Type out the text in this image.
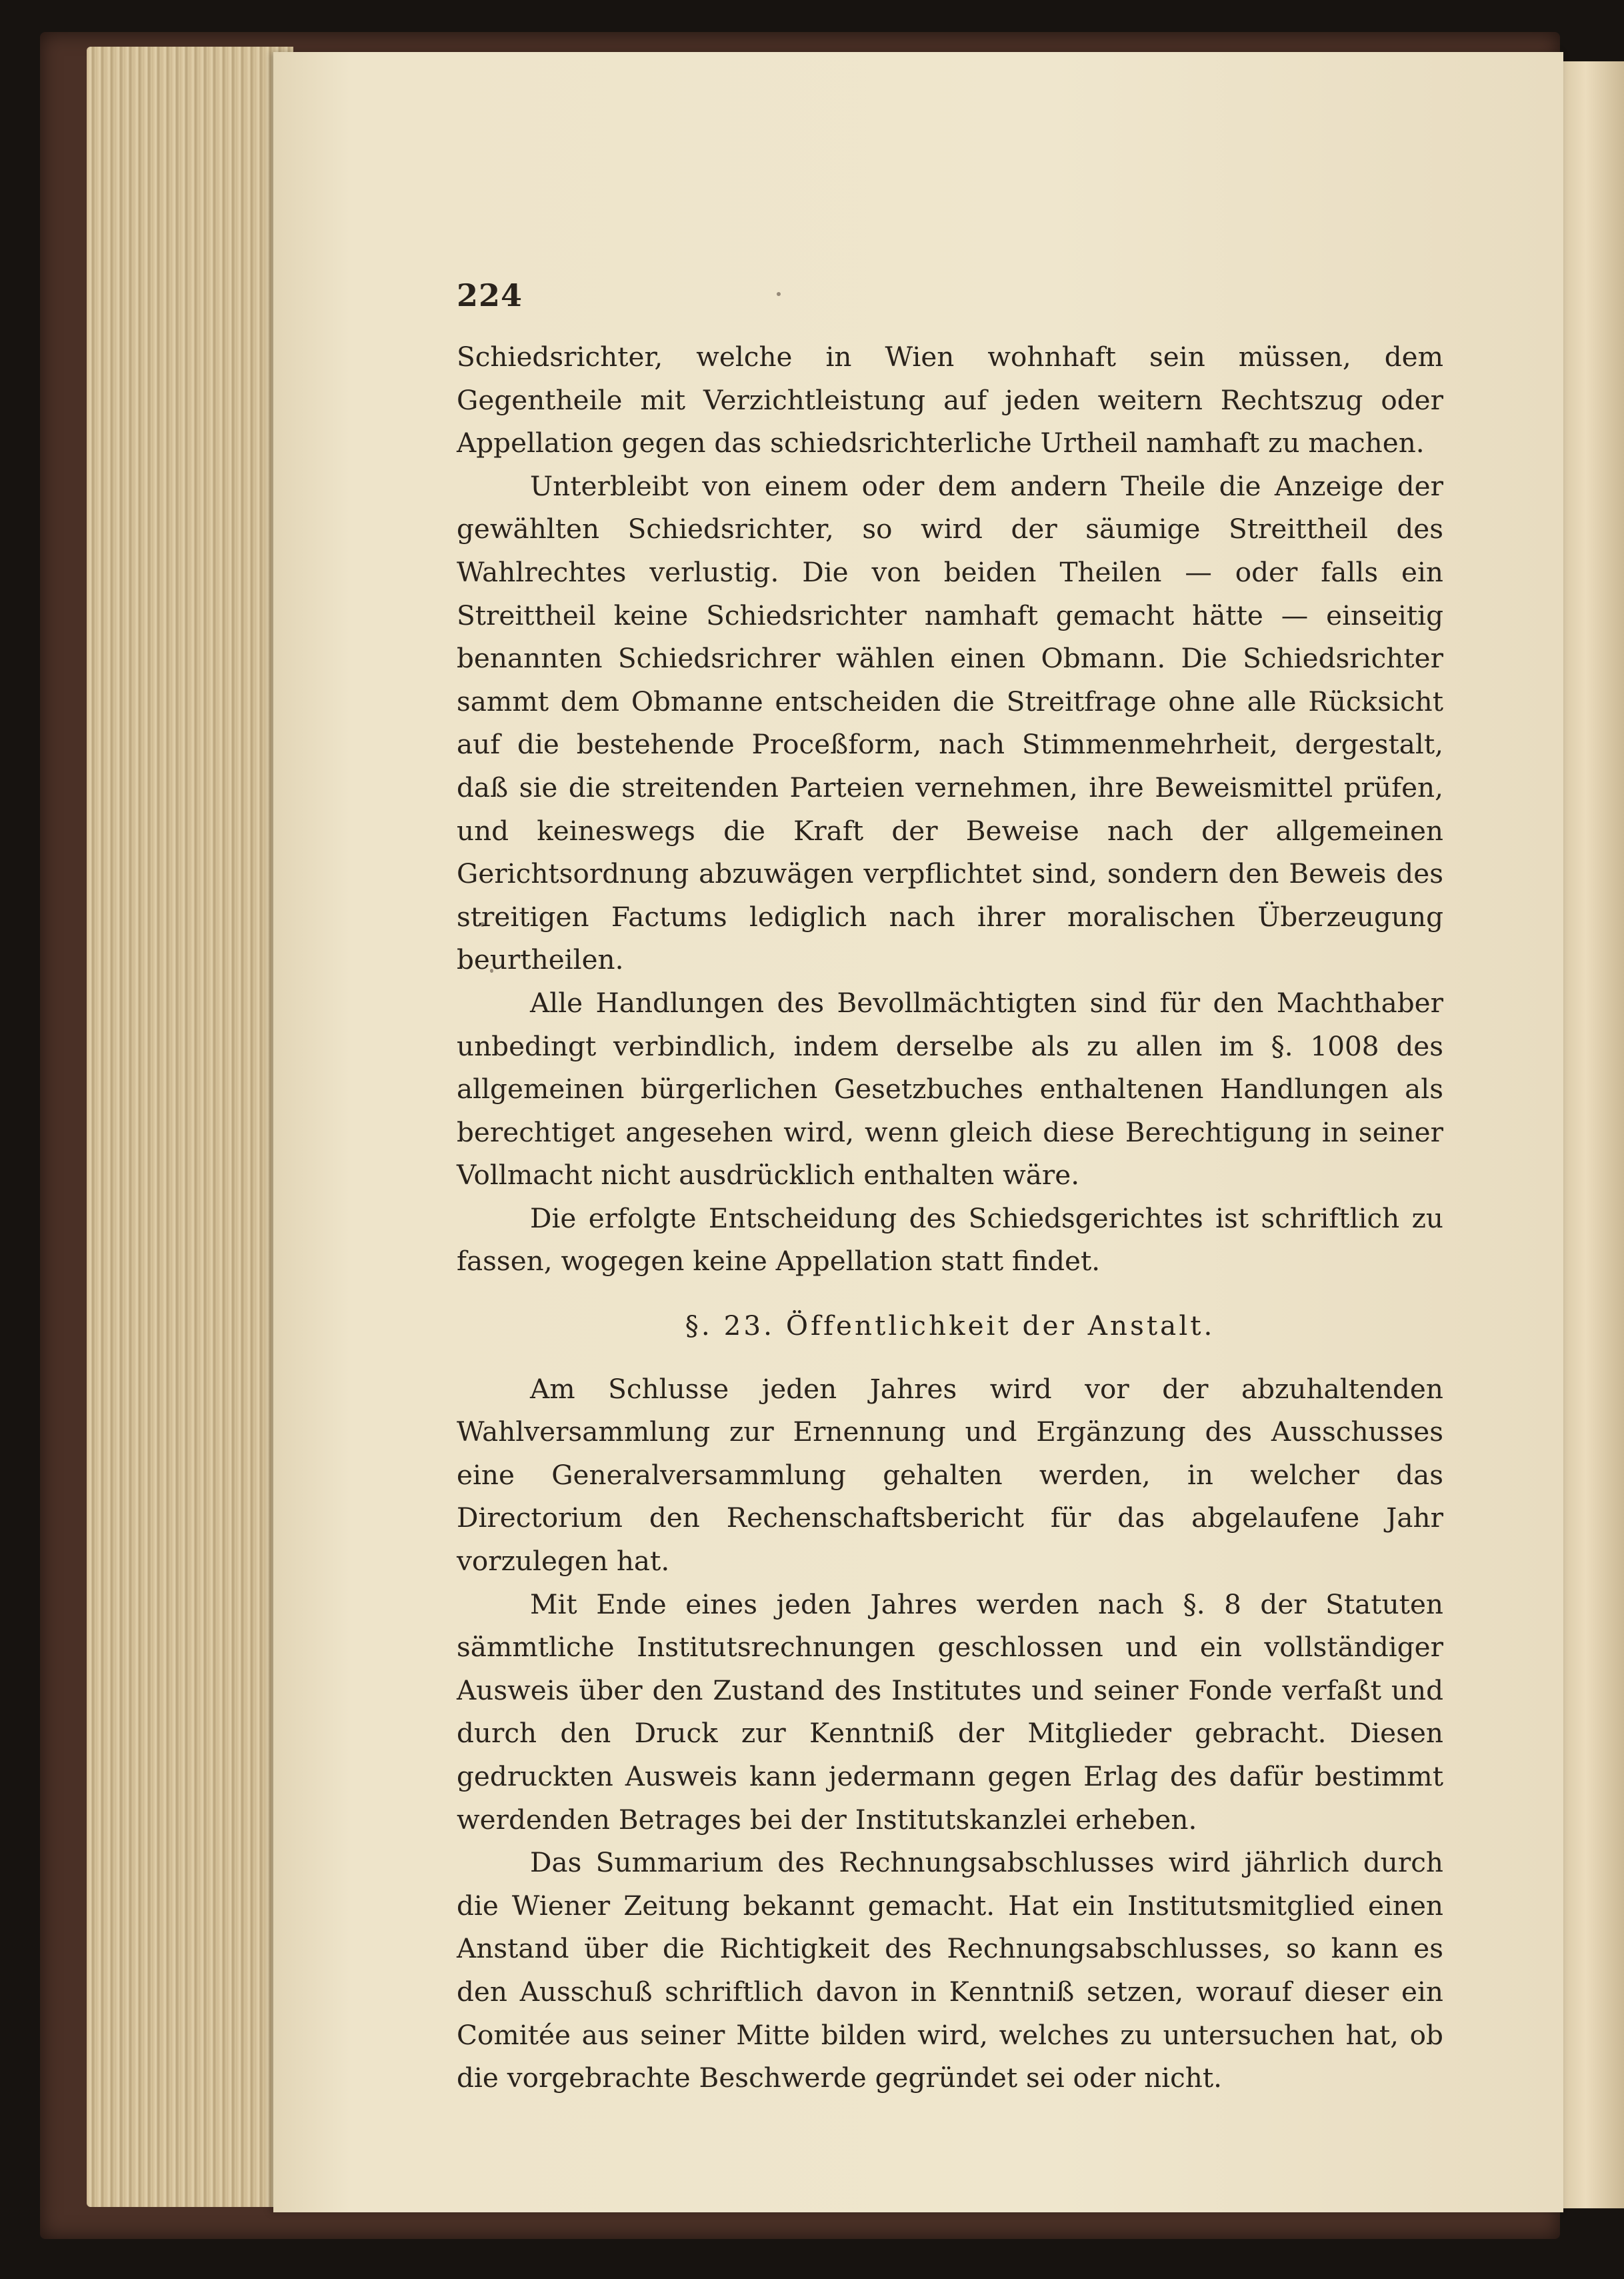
224

Schiedsrichter, welche in Wien wohnhaft sein müssen, dem Gegentheile mit Verzichtleistung auf jeden weitern Rechtszug oder Appellation gegen das schiedsrichterliche Urtheil namhaft zu machen.

Unterbleibt von einem oder dem andern Theile die Anzeige der gewählten Schiedsrichter, so wird der säumige Streittheil des Wahlrechtes verlustig. Die von beiden Theilen — oder falls ein Streittheil keine Schiedsrichter namhaft gemacht hätte — einseitig benannten Schiedsrichrer wählen einen Obmann. Die Schiedsrichter sammt dem Obmanne entscheiden die Streitfrage ohne alle Rücksicht auf die bestehende Proceßform, nach Stimmenmehrheit, dergestalt, daß sie die streitenden Parteien vernehmen, ihre Beweismittel prüfen, und keineswegs die Kraft der Beweise nach der allgemeinen Gerichtsordnung abzuwägen verpflichtet sind, sondern den Beweis des streitigen Factums lediglich nach ihrer moralischen Überzeugung beurtheilen.

Alle Handlungen des Bevollmächtigten sind für den Machthaber unbedingt verbindlich, indem derselbe als zu allen im §. 1008 des allgemeinen bürgerlichen Gesetzbuches enthaltenen Handlungen als berechtiget angesehen wird, wenn gleich diese Berechtigung in seiner Vollmacht nicht ausdrücklich enthalten wäre.

Die erfolgte Entscheidung des Schiedsgerichtes ist schriftlich zu fassen, wogegen keine Appellation statt findet.

§. 23. Öffentlichkeit der Anstalt.

Am Schlusse jeden Jahres wird vor der abzuhaltenden Wahlversammlung zur Ernennung und Ergänzung des Ausschusses eine Generalversammlung gehalten werden, in welcher das Directorium den Rechenschaftsbericht für das abgelaufene Jahr vorzulegen hat.

Mit Ende eines jeden Jahres werden nach §. 8 der Statuten sämmtliche Institutsrechnungen geschlossen und ein vollständiger Ausweis über den Zustand des Institutes und seiner Fonde verfaßt und durch den Druck zur Kenntniß der Mitglieder gebracht. Diesen gedruckten Ausweis kann jedermann gegen Erlag des dafür bestimmt werdenden Betrages bei der Institutskanzlei erheben.

Das Summarium des Rechnungsabschlusses wird jährlich durch die Wiener Zeitung bekannt gemacht. Hat ein Institutsmitglied einen Anstand über die Richtigkeit des Rechnungsabschlusses, so kann es den Ausschuß schriftlich davon in Kenntniß setzen, worauf dieser ein Comitée aus seiner Mitte bilden wird, welches zu untersuchen hat, ob die vorgebrachte Beschwerde gegründet sei oder nicht.
